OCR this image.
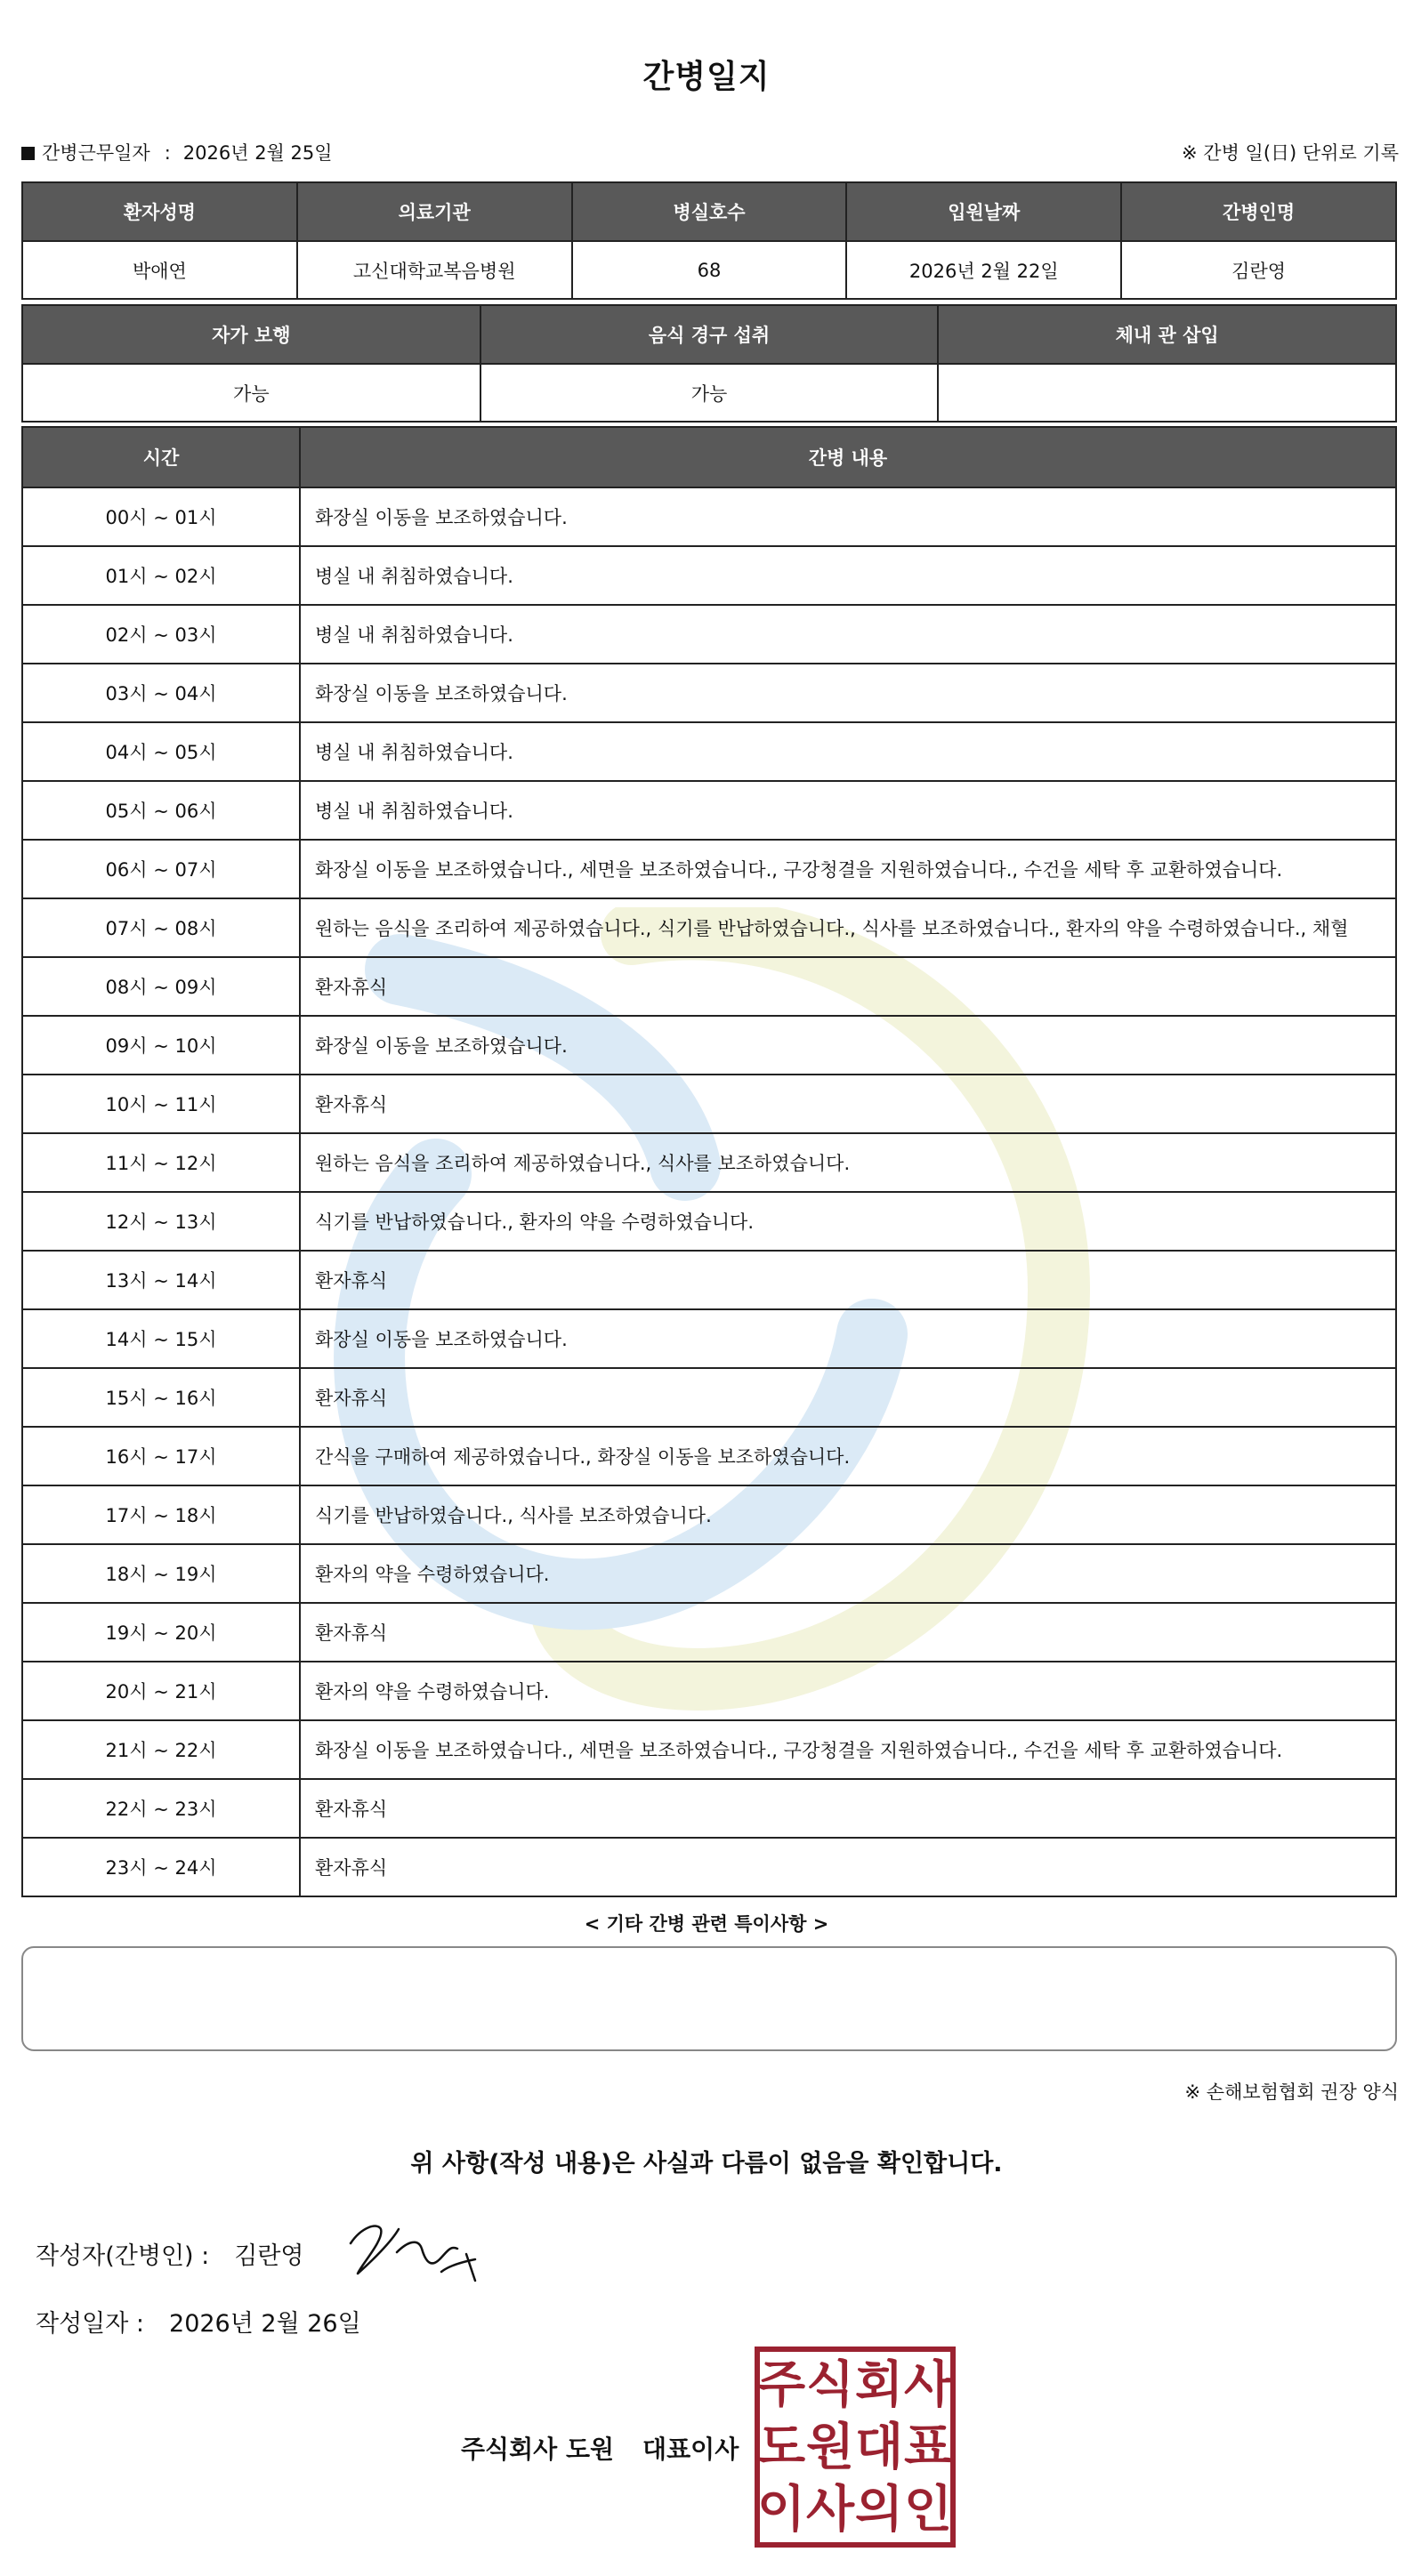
간병일지
간병근무일자 : 2026년 2월 25일	※ 간병 일(日) 단위로 기록
환자성명	의료기관	병실호수	입원날짜	간병인명
박애연	고신대학교복음병원	68	2026년 2월 22일	김란영
자가 보행	음식 경구 섭취	체내 관 삽입
가능	가능	
시간	간병 내용
00시 ~ 01시	화장실 이동을 보조하였습니다.
01시 ~ 02시	병실 내 취침하였습니다.
02시 ~ 03시	병실 내 취침하였습니다.
03시 ~ 04시	화장실 이동을 보조하였습니다.
04시 ~ 05시	병실 내 취침하였습니다.
05시 ~ 06시	병실 내 취침하였습니다.
06시 ~ 07시	화장실 이동을 보조하였습니다., 세면을 보조하였습니다., 구강청결을 지원하였습니다., 수건을 세탁 후 교환하였습니다.
07시 ~ 08시	원하는 음식을 조리하여 제공하였습니다., 식기를 반납하였습니다., 식사를 보조하였습니다., 환자의 약을 수령하였습니다., 채혈
08시 ~ 09시	환자휴식
09시 ~ 10시	화장실 이동을 보조하였습니다.
10시 ~ 11시	환자휴식
11시 ~ 12시	원하는 음식을 조리하여 제공하였습니다., 식사를 보조하였습니다.
12시 ~ 13시	식기를 반납하였습니다., 환자의 약을 수령하였습니다.
13시 ~ 14시	환자휴식
14시 ~ 15시	화장실 이동을 보조하였습니다.
15시 ~ 16시	환자휴식
16시 ~ 17시	간식을 구매하여 제공하였습니다., 화장실 이동을 보조하였습니다.
17시 ~ 18시	식기를 반납하였습니다., 식사를 보조하였습니다.
18시 ~ 19시	환자의 약을 수령하였습니다.
19시 ~ 20시	환자휴식
20시 ~ 21시	환자의 약을 수령하였습니다.
21시 ~ 22시	화장실 이동을 보조하였습니다., 세면을 보조하였습니다., 구강청결을 지원하였습니다., 수건을 세탁 후 교환하였습니다.
22시 ~ 23시	환자휴식
23시 ~ 24시	환자휴식
< 기타 간병 관련 특이사항 >
※ 손해보험협회 권장 양식
위 사항(작성 내용)은 사실과 다름이 없음을 확인합니다.
작성자(간병인) : 김란영
작성일자 : 2026년 2월 26일
주식회사 도원 대표이사
주 식 회 사
도 원 대 표
이 사 의 인
